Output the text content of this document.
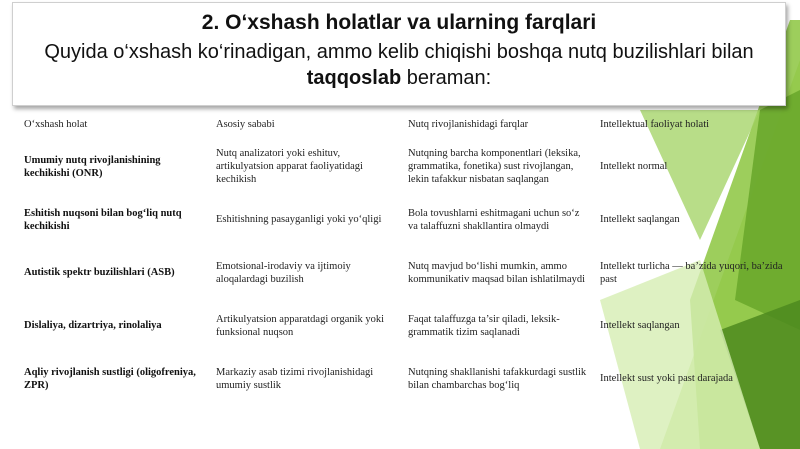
2. O‘xshash holatlar va ularning farqlari
Quyida o‘xshash ko‘rinadigan, ammo kelib chiqishi boshqa nutq buzilishlari bilan taqqoslab beraman:
O‘xshash holat	Asosiy sababi	Nutq rivojlanishidagi farqlar	Intellektual faoliyat holati
Umumiy nutq rivojlanishining kechikishi (ONR)	Nutq analizatori yoki eshituv, artikulyatsion apparat faoliyatidagi kechikish	Nutqning barcha komponentlari (leksika, grammatika, fonetika) sust rivojlangan, lekin tafakkur nisbatan saqlangan	Intellekt normal
Eshitish nuqsoni bilan bog‘liq nutq kechikishi	Eshitishning pasayganligi yoki yo‘qligi	Bola tovushlarni eshitmagani uchun so‘z va talaffuzni shakllantira olmaydi	Intellekt saqlangan
Autistik spektr buzilishlari (ASB)	Emotsional-irodaviy va ijtimoiy aloqalardagi buzilish	Nutq mavjud bo‘lishi mumkin, ammo kommunikativ maqsad bilan ishlatilmaydi	Intellekt turlicha — ba’zida yuqori, ba’zida past
Dislaliya, dizartriya, rinolaliya	Artikulyatsion apparatdagi organik yoki funksional nuqson	Faqat talaffuzga ta’sir qiladi, leksik-grammatik tizim saqlanadi	Intellekt saqlangan
Aqliy rivojlanish sustligi (oligofreniya, ZPR)	Markaziy asab tizimi rivojlanishidagi umumiy sustlik	Nutqning shakllanishi tafakkurdagi sustlik bilan chambarchas bog‘liq	Intellekt sust yoki past darajada
